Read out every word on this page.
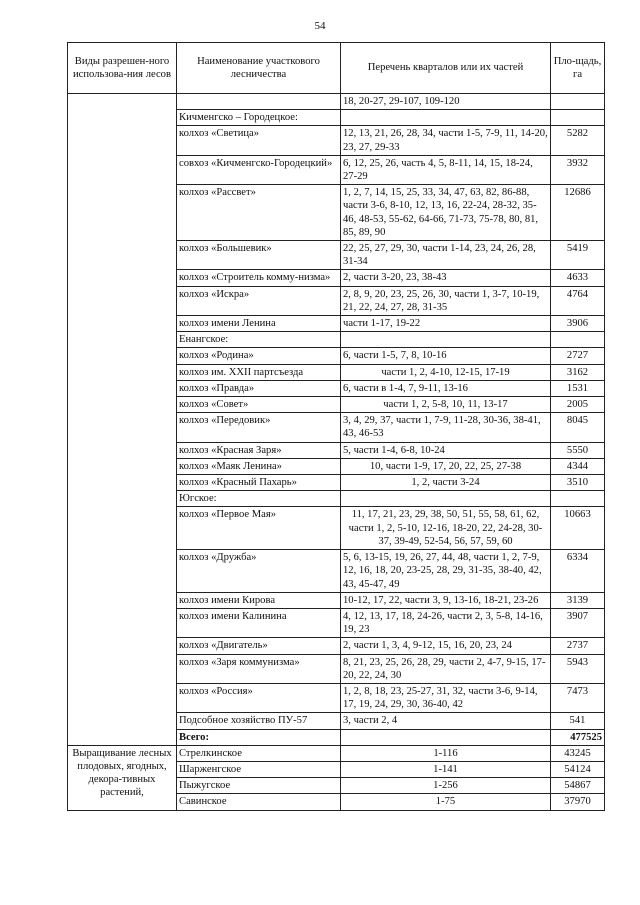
54
Виды разрешен-ного использова-ния лесов	Наименование участкового лесничества	Перечень кварталов или их частей	Пло-щадь, га
		18, 20-27, 29-107, 109-120	
	Кичменгско – Городецкое:		
	колхоз «Светица»	12, 13, 21, 26, 28, 34, части 1-5, 7-9, 11, 14-20, 23, 27, 29-33	5282
	совхоз «Кичменгско-Городецкий»	6, 12, 25, 26, часть 4, 5, 8-11, 14, 15, 18-24, 27-29	3932
	колхоз «Рассвет»	1, 2, 7, 14, 15, 25, 33, 34, 47, 63, 82, 86-88, части 3-6, 8-10, 12, 13, 16, 22-24, 28-32, 35-46, 48-53, 55-62, 64-66, 71-73, 75-78, 80, 81, 85, 89, 90	12686
	колхоз «Большевик»	22, 25, 27, 29, 30, части 1-14, 23, 24, 26, 28, 31-34	5419
	колхоз «Строитель комму-низма»	2, части 3-20, 23, 38-43	4633
	колхоз «Искра»	2, 8, 9, 20, 23, 25, 26, 30, части 1, 3-7, 10-19, 21, 22, 24, 27, 28, 31-35	4764
	колхоз имени Ленина	части 1-17, 19-22	3906
	Енангское:		
	колхоз «Родина»	6, части 1-5, 7, 8, 10-16	2727
	колхоз им. XXII партсъезда	части 1, 2, 4-10, 12-15, 17-19	3162
	колхоз «Правда»	6, части в 1-4, 7, 9-11, 13-16	1531
	колхоз «Совет»	части 1, 2, 5-8, 10, 11, 13-17	2005
	колхоз «Передовик»	3, 4, 29, 37, части 1, 7-9, 11-28, 30-36, 38-41, 43, 46-53	8045
	колхоз «Красная Заря»	5, части 1-4, 6-8, 10-24	5550
	колхоз «Маяк Ленина»	10, части 1-9, 17, 20, 22, 25, 27-38	4344
	колхоз «Красный Пахарь»	1, 2, части 3-24	3510
	Югское:		
	колхоз «Первое Мая»	11, 17, 21, 23, 29, 38, 50, 51, 55, 58, 61, 62, части 1, 2, 5-10, 12-16, 18-20, 22, 24-28, 30-37, 39-49, 52-54, 56, 57, 59, 60	10663
	колхоз «Дружба»	5, 6, 13-15, 19, 26, 27, 44, 48, части 1, 2, 7-9, 12, 16, 18, 20, 23-25, 28, 29, 31-35, 38-40, 42, 43, 45-47, 49	6334
	колхоз имени Кирова	10-12, 17, 22, части 3, 9, 13-16, 18-21, 23-26	3139
	колхоз имени Калинина	4, 12, 13, 17, 18, 24-26, части 2, 3, 5-8, 14-16, 19, 23	3907
	колхоз «Двигатель»	2, части 1, 3, 4, 9-12, 15, 16, 20, 23, 24	2737
	колхоз «Заря коммунизма»	8, 21, 23, 25, 26, 28, 29, части 2, 4-7, 9-15, 17-20, 22, 24, 30	5943
	колхоз «Россия»	1, 2, 8, 18, 23, 25-27, 31, 32, части 3-6, 9-14, 17, 19, 24, 29, 30, 36-40, 42	7473
	Подсобное хозяйство ПУ-57	3, части 2, 4	541
	Всего:		477525
Выращивание лесных плодовых, ягодных, декора-тивных растений,	Стрелкинское	1-116	43245
	Шарженгское	1-141	54124
	Пыжугское	1-256	54867
	Савинское	1-75	37970
